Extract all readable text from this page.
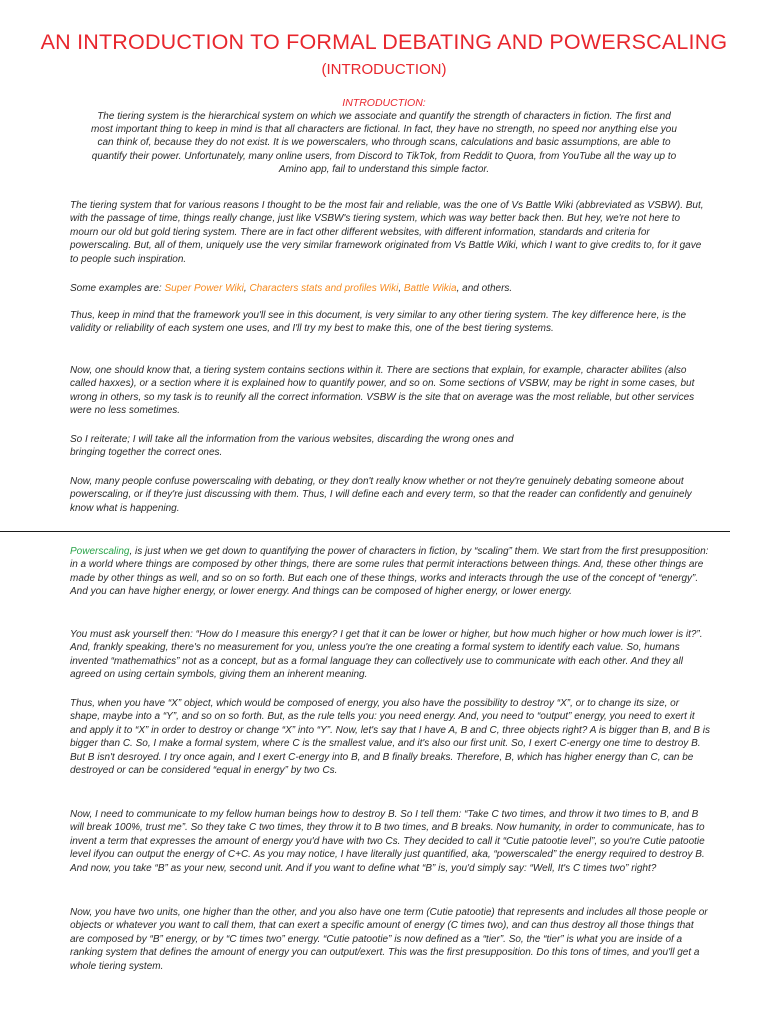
AN INTRODUCTION TO FORMAL DEBATING AND POWERSCALING
(INTRODUCTION)
INTRODUCTION:
The tiering system is the hierarchical system on which we associate and quantify the strength of characters in fiction. The first and most important thing to keep in mind is that all characters are fictional. In fact, they have no strength, no speed nor anything else you can think of, because they do not exist. It is we powerscalers, who through scans, calculations and basic assumptions, are able to quantify their power. Unfortunately, many online users, from Discord to TikTok, from Reddit to Quora, from YouTube all the way up to Amino app, fail to understand this simple factor.
The tiering system that for various reasons I thought to be the most fair and reliable, was the one of Vs Battle Wiki (abbreviated as VSBW). But, with the passage of time, things really change, just like VSBW's tiering system, which was way better back then. But hey, we're not here to mourn our old but gold tiering system. There are in fact other different websites, with different information, standards and criteria for powerscaling. But, all of them, uniquely use the very similar framework originated from Vs Battle Wiki, which I want to give credits to, for it gave to people such inspiration.
Some examples are: Super Power Wiki, Characters stats and profiles Wiki, Battle Wikia, and others.
Thus, keep in mind that the framework you'll see in this document, is very similar to any other tiering system. The key difference here, is the validity or reliability of each system one uses, and I'll try my best to make this, one of the best tiering systems.
Now, one should know that, a tiering system contains sections within it. There are sections that explain, for example, character abilites (also called haxxes), or a section where it is explained how to quantify power, and so on. Some sections of VSBW, may be right in some cases, but wrong in others, so my task is to reunify all the correct information. VSBW is the site that on average was the most reliable, but other services were no less sometimes.
So I reiterate; I will take all the information from the various websites, discarding the wrong ones and bringing together the correct ones.
Now, many people confuse powerscaling with debating, or they don't really know whether or not they're genuinely debating someone about powerscaling, or if they're just discussing with them. Thus, I will define each and every term, so that the reader can confidently and genuinely know what is happening.
Powerscaling, is just when we get down to quantifying the power of characters in fiction, by “scaling” them. We start from the first presupposition: in a world where things are composed by other things, there are some rules that permit interactions between things. And, these other things are made by other things as well, and so on so forth. But each one of these things, works and interacts through the use of the concept of “energy”. And you can have higher energy, or lower energy. And things can be composed of higher energy, or lower energy.
You must ask yourself then: “How do I measure this energy? I get that it can be lower or higher, but how much higher or how much lower is it?”. And, frankly speaking, there's no measurement for you, unless you're the one creating a formal system to identify each value. So, humans invented “mathemathics” not as a concept, but as a formal language they can collectively use to communicate with each other. And they all agreed on using certain symbols, giving them an inherent meaning.
Thus, when you have “X” object, which would be composed of energy, you also have the possibility to destroy “X”, or to change its size, or shape, maybe into a “Y”, and so on so forth. But, as the rule tells you: you need energy. And, you need to “output” energy, you need to exert it and apply it to “X” in order to destroy or change “X” into “Y”. Now, let's say that I have A, B and C, three objects right? A is bigger than B, and B is bigger than C. So, I make a formal system, where C is the smallest value, and it's also our first unit. So, I exert C-energy one time to destroy B. But B isn't desroyed. I try once again, and I exert C-energy into B, and B finally breaks. Therefore, B, which has higher energy than C, can be destroyed or can be considered “equal in energy” by two Cs.
Now, I need to communicate to my fellow human beings how to destroy B. So I tell them: “Take C two times, and throw it two times to B, and B will break 100%, trust me”. So they take C two times, they throw it to B two times, and B breaks. Now humanity, in order to communicate, has to invent a term that expresses the amount of energy you'd have with two Cs. They decided to call it “Cutie patootie level”, so you're Cutie patootie level ifyou can output the energy of C+C. As you may notice, I have literally just quantified, aka, “powerscaled” the energy required to destroy B. And now, you take “B” as your new, second unit. And if you want to define what “B” is, you'd simply say: “Well, It's C times two” right?
Now, you have two units, one higher than the other, and you also have one term (Cutie patootie) that represents and includes all those people or objects or whatever you want to call them, that can exert a specific amount of energy (C times two), and can thus destroy all those things that are composed by “B” energy, or by “C times two” energy. “Cutie patootie” is now defined as a “tier”. So, the “tier” is what you are inside of a ranking system that defines the amount of energy you can output/exert. This was the first presupposition. Do this tons of times, and you'll get a whole tiering system.
